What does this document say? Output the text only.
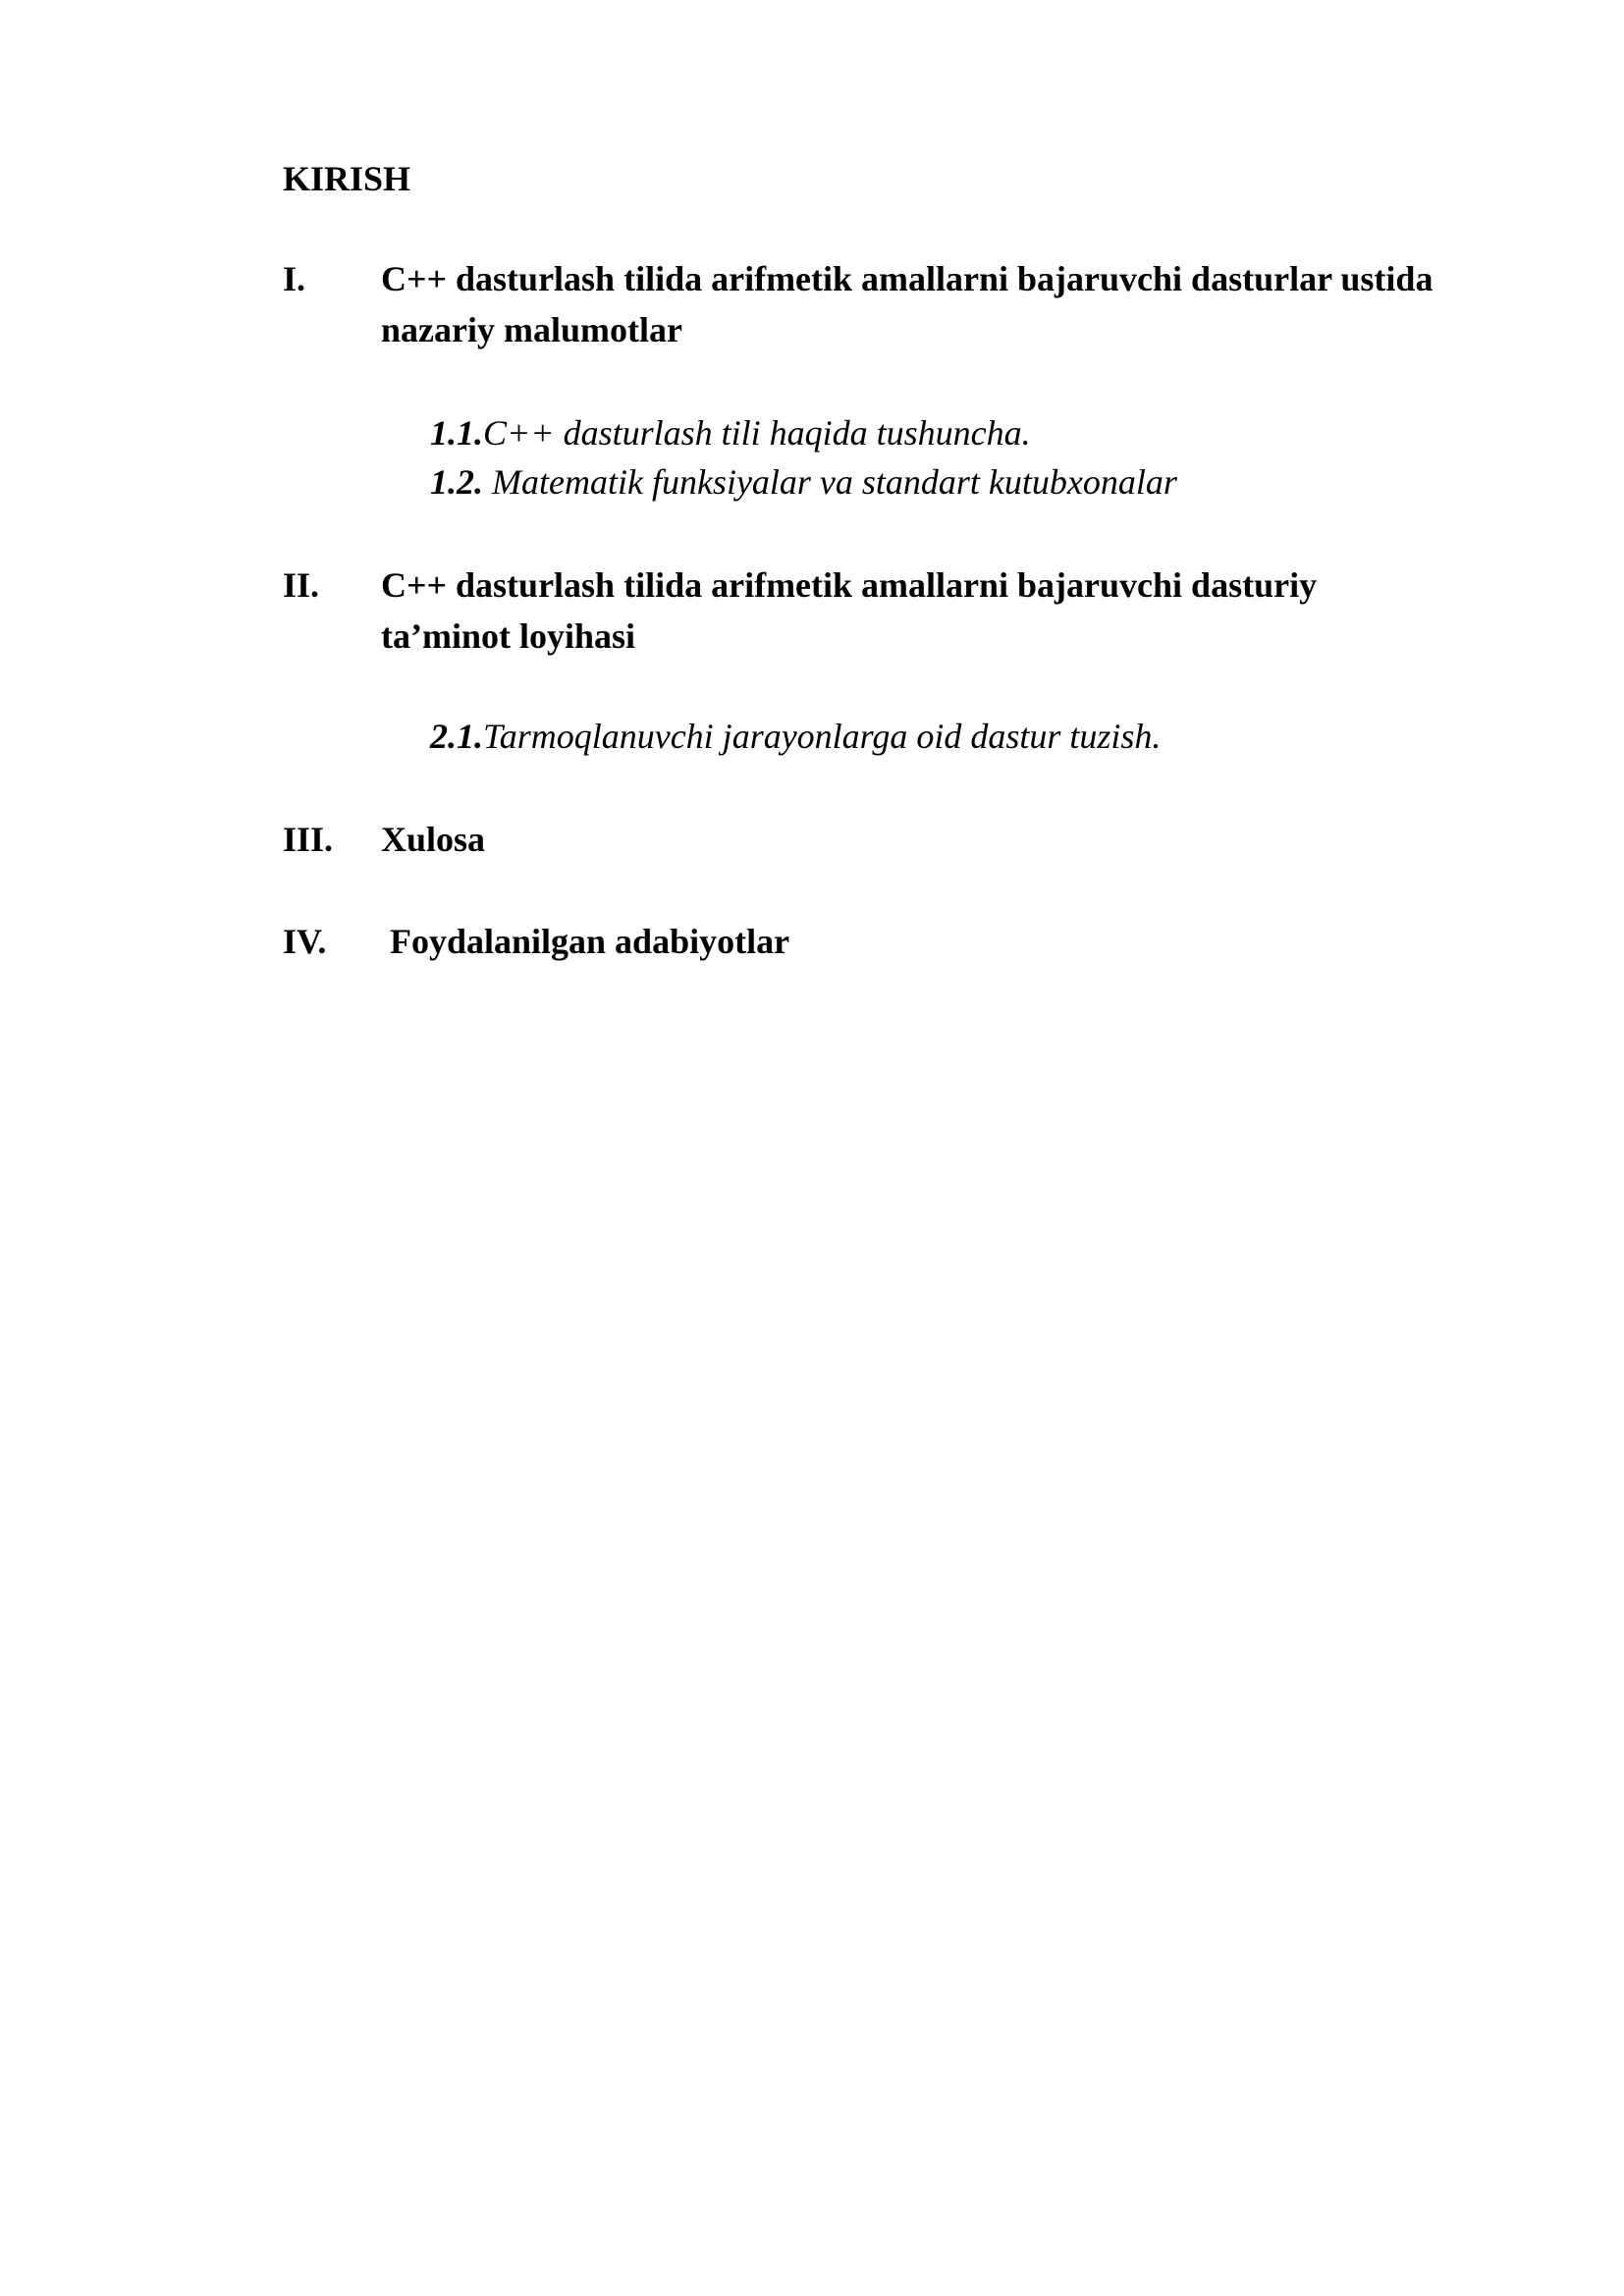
KIRISH
I. C++ dasturlash tilida arifmetik amallarni bajaruvchi dasturlar ustida nazariy malumotlar
1.1.C++ dasturlash tili haqida tushuncha.
1.2. Matematik funksiyalar va standart kutubxonalar
II. C++ dasturlash tilida arifmetik amallarni bajaruvchi dasturiy ta’minot loyihasi
2.1.Tarmoqlanuvchi jarayonlarga oid dastur tuzish.
III. Xulosa
IV. Foydalanilgan adabiyotlar
